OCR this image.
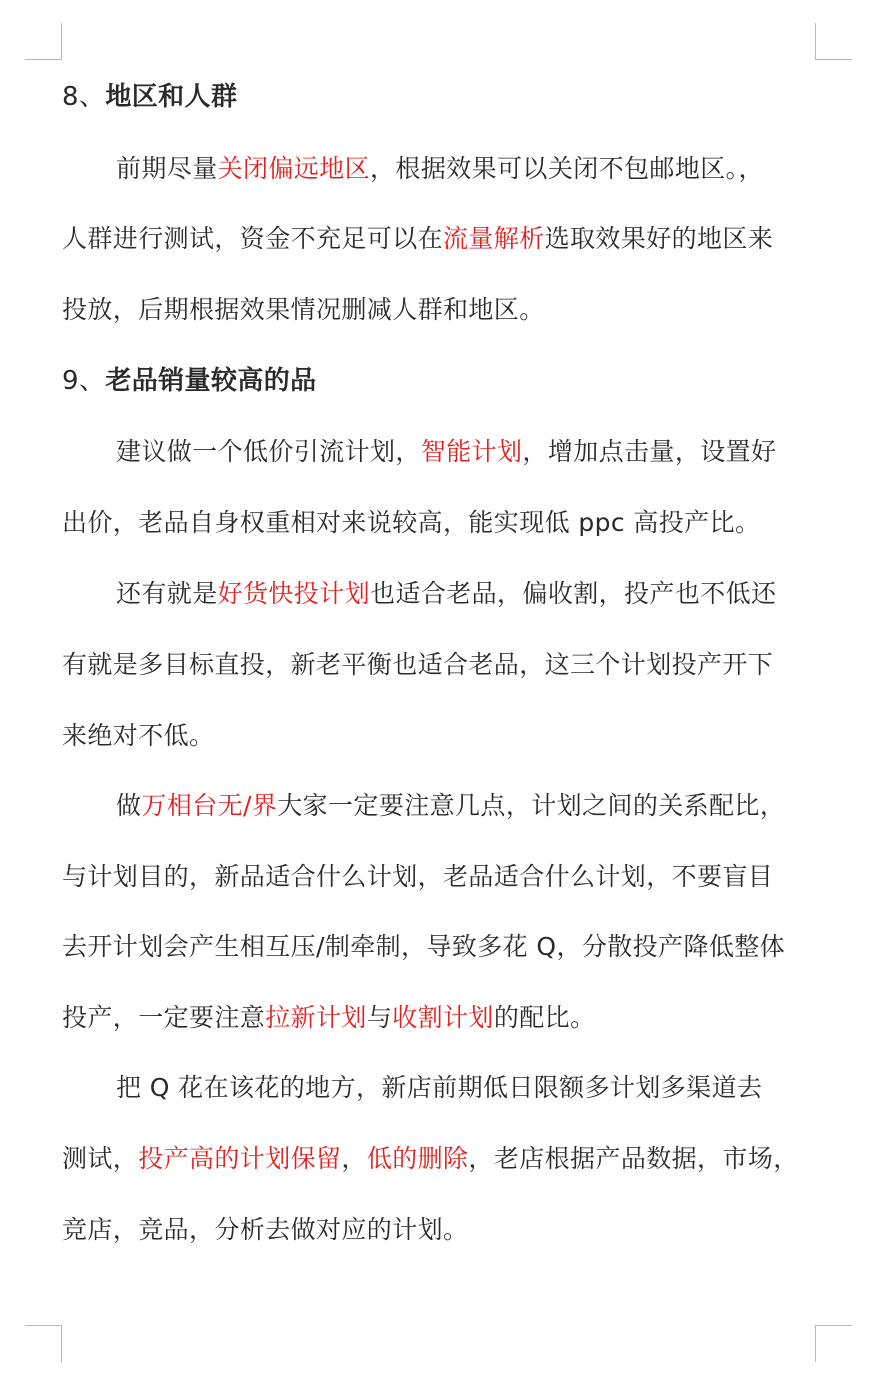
8、地区和人群
前期尽量关闭偏远地区，根据效果可以关闭不包邮地区。，
人群进行测试，资金不充足可以在流量解析选取效果好的地区来
投放，后期根据效果情况删减人群和地区。
9、老品销量较高的品
建议做一个低价引流计划，智能计划，增加点击量，设置好
出价，老品自身权重相对来说较高，能实现低 ppc 高投产比。
还有就是好货快投计划也适合老品，偏收割，投产也不低还
有就是多目标直投，新老平衡也适合老品，这三个计划投产开下
来绝对不低。
做万相台无/界大家一定要注意几点，计划之间的关系配比，
与计划目的，新品适合什么计划，老品适合什么计划，不要盲目
去开计划会产生相互压/制牵制，导致多花 Q，分散投产降低整体
投产，一定要注意拉新计划与收割计划的配比。
把 Q 花在该花的地方，新店前期低日限额多计划多渠道去
测试，投产高的计划保留，低的删除，老店根据产品数据，市场，
竞店，竞品，分析去做对应的计划。
